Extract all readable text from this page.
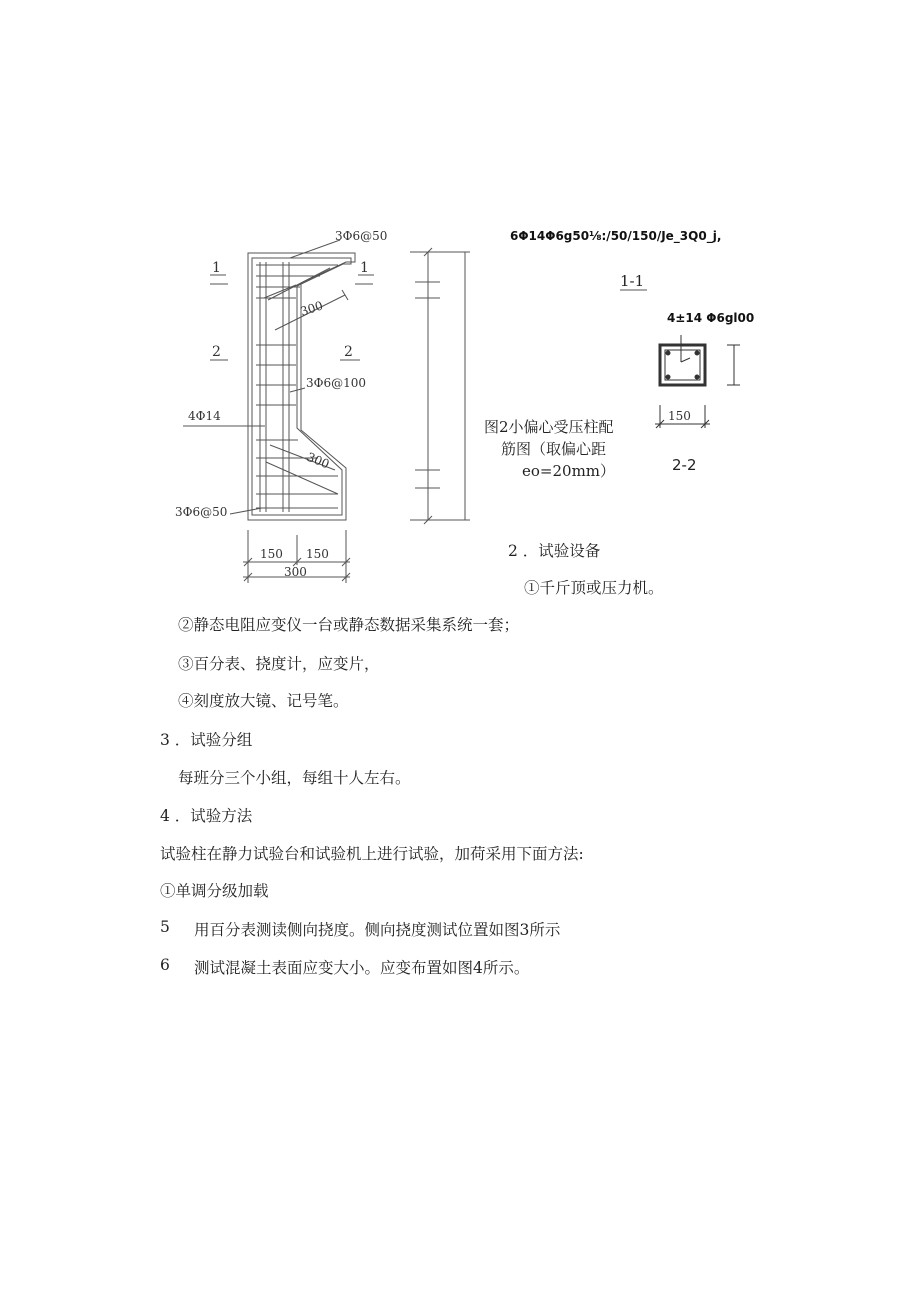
1	1
2	2
3Φ6@50
3Φ6@100
3Φ6@50
4Φ14
300
300
150 150
300
150
6Φ14Φ6g50⅛:/50/150/Je_3Q0_j,
1-1
4±14 Φ6gl00
2-2
图2小偏心受压柱配
筋图（取偏心距
eo=20mm）
2 ．试验设备
①千斤顶或压力机。
②静态电阻应变仪一台或静态数据采集系统一套；
③百分表、挠度计，应变片，
④刻度放大镜、记号笔。
3 ．试验分组
每班分三个小组，每组十人左右。
4 ．试验方法
试验柱在静力试验台和试验机上进行试验，加荷采用下面方法:
①单调分级加载
5 用百分表测读侧向挠度。侧向挠度测试位置如图3所示
6 测试混凝土表面应变大小。应变布置如图4所示。
